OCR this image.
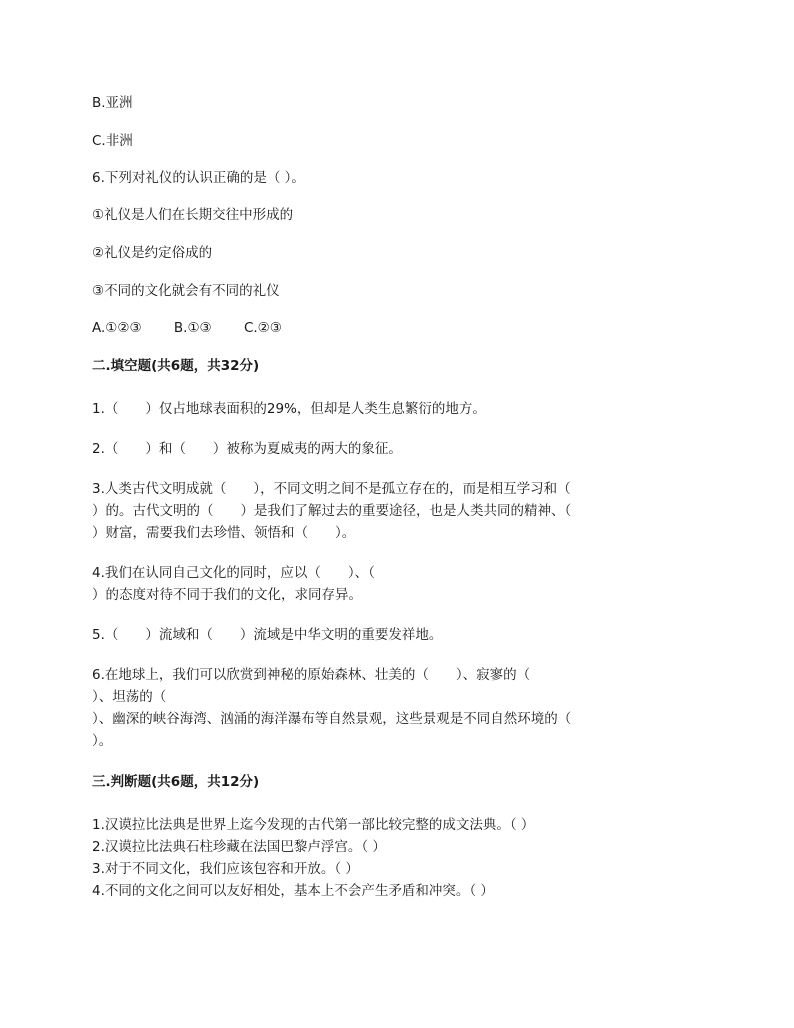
B.亚洲
C.非洲
6.下列对礼仪的认识正确的是（ ）。
①礼仪是人们在长期交往中形成的
②礼仪是约定俗成的
③不同的文化就会有不同的礼仪
A.①②③ B.①③ C.②③
二.填空题(共6题，共32分)
1.（　　）仅占地球表面积的29%，但却是人类生息繁衍的地方。
2.（　　）和（　　）被称为夏威夷的两大的象征。
3.人类古代文明成就（　　），不同文明之间不是孤立存在的，而是相互学习和（
）的。古代文明的（　　）是我们了解过去的重要途径，也是人类共同的精神、（
）财富，需要我们去珍惜、领悟和（　　）。
4.我们在认同自己文化的同时，应以（　　）、（
）的态度对待不同于我们的文化，求同存异。
5.（　　）流域和（　　）流域是中华文明的重要发祥地。
6.在地球上，我们可以欣赏到神秘的原始森林、壮美的（　　）、寂寥的（
）、坦荡的（
）、幽深的峡谷海湾、汹涌的海洋瀑布等自然景观，这些景观是不同自然环境的（
）。
三.判断题(共6题，共12分)
1.汉谟拉比法典是世界上迄今发现的古代第一部比较完整的成文法典。（ ）
2.汉谟拉比法典石柱珍藏在法国巴黎卢浮宫。（ ）
3.对于不同文化，我们应该包容和开放。（ ）
4.不同的文化之间可以友好相处，基本上不会产生矛盾和冲突。（ ）
